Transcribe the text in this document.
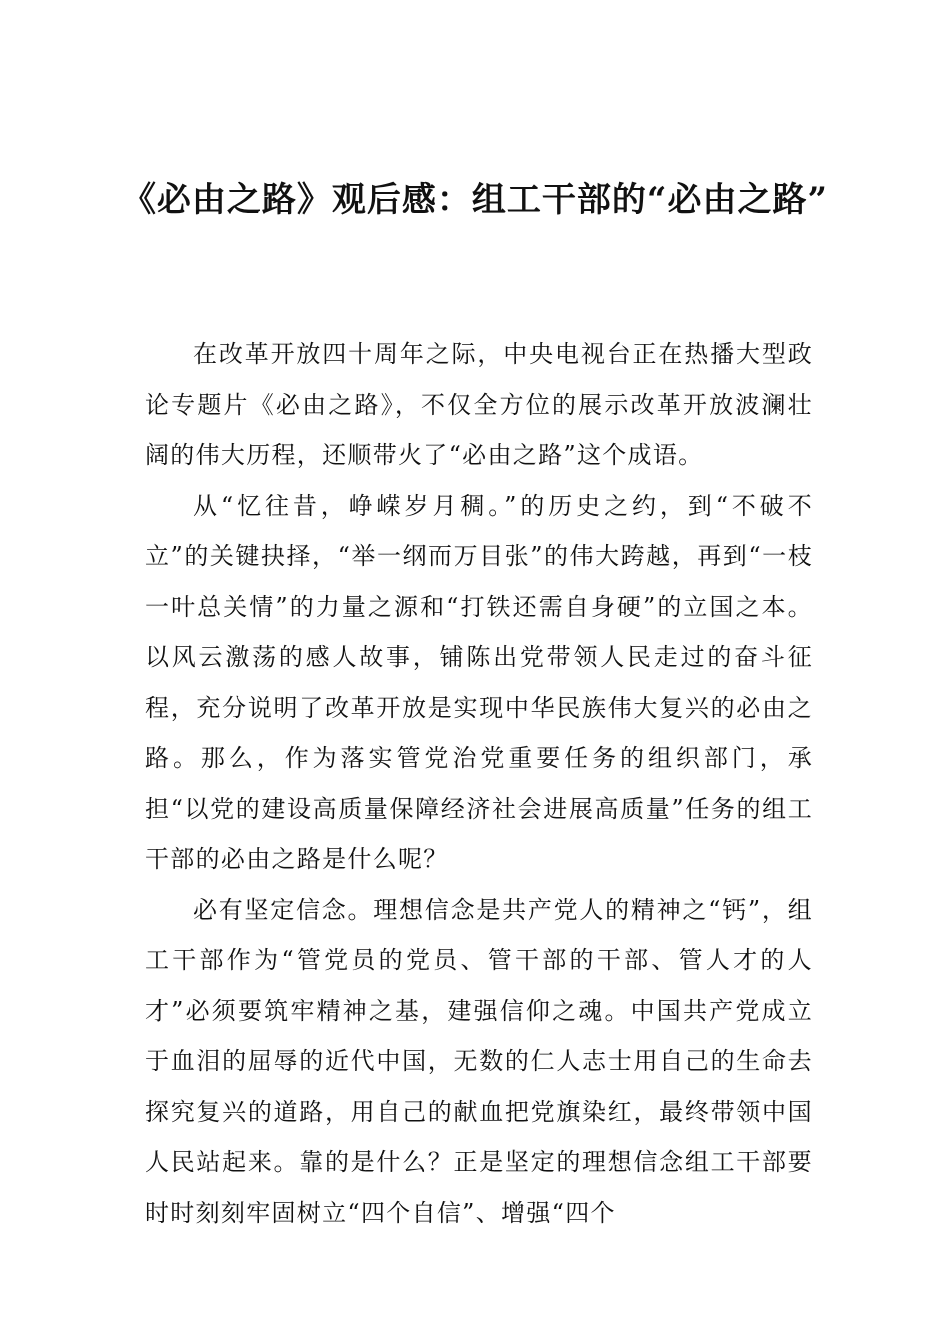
《必由之路》观后感：组工干部的“必由之路”

在改革开放四十周年之际，中央电视台正在热播大型政论专题片《必由之路》，不仅全方位的展示改革开放波澜壮阔的伟大历程，还顺带火了“必由之路”这个成语。

从“忆往昔，峥嵘岁月稠。”的历史之约，到“不破不立”的关键抉择，“举一纲而万目张”的伟大跨越，再到“一枝一叶总关情”的力量之源和“打铁还需自身硬”的立国之本。以风云激荡的感人故事，铺陈出党带领人民走过的奋斗征程，充分说明了改革开放是实现中华民族伟大复兴的必由之路。那么，作为落实管党治党重要任务的组织部门，承担“以党的建设高质量保障经济社会进展高质量”任务的组工干部的必由之路是什么呢？

必有坚定信念。理想信念是共产党人的精神之“钙”，组工干部作为“管党员的党员、管干部的干部、管人才的人才”必须要筑牢精神之基，建强信仰之魂。中国共产党成立于血泪的屈辱的近代中国，无数的仁人志士用自己的生命去探究复兴的道路，用自己的献血把党旗染红，最终带领中国人民站起来。靠的是什么？正是坚定的理想信念组工干部要时时刻刻牢固树立“四个自信”、增强“四个
